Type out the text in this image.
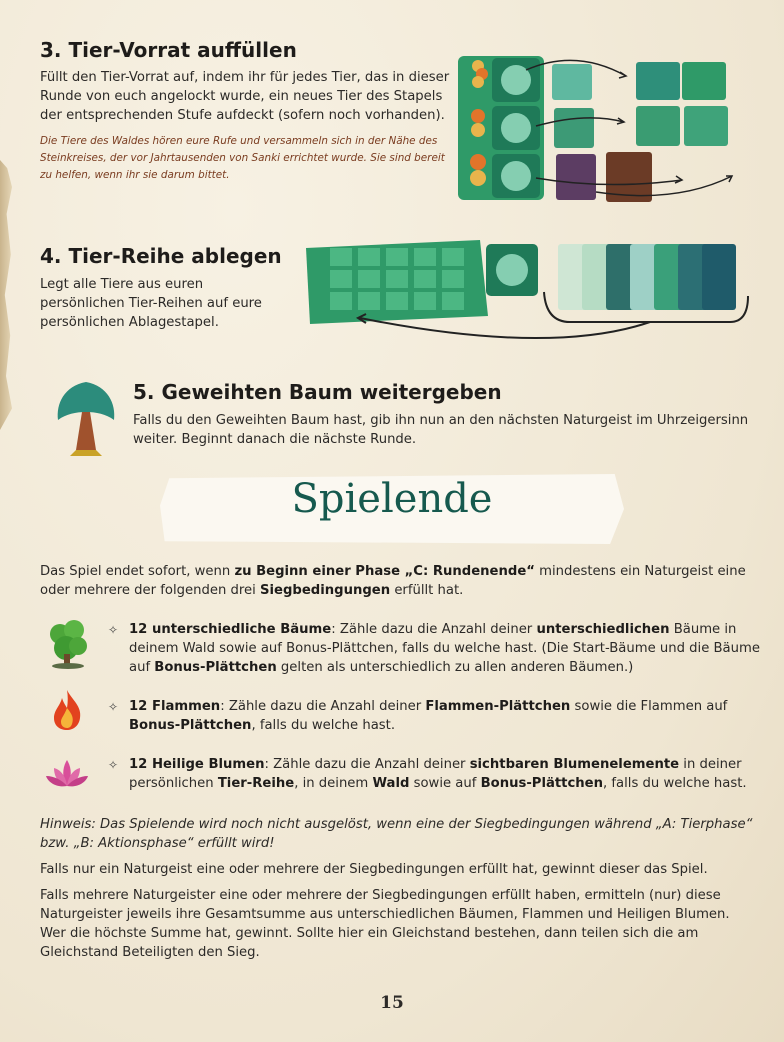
3. Tier-Vorrat auffüllen

Füllt den Tier-Vorrat auf, indem ihr für jedes Tier, das in dieser

Runde von euch angelockt wurde, ein neues Tier des Stapels

der entsprechenden Stufe aufdeckt (sofern noch vorhanden).

Die Tiere des Waldes hören eure Rufe und versammeln sich in der Nähe des

Steinkreises, der vor Jahrtausenden von Sanki errichtet wurde. Sie sind bereit

zu helfen, wenn ihr sie darum bittet.

4. Tier-Reihe ablegen

Legt alle Tiere aus euren

persönlichen Tier-Reihen auf eure

persönlichen Ablagestapel.

5. Geweihten Baum weitergeben

Falls du den Geweihten Baum hast, gib ihn nun an den nächsten Naturgeist im Uhrzeigersinn

weiter. Beginnt danach die nächste Runde.

Spielende

Das Spiel endet sofort, wenn zu Beginn einer Phase „C: Rundenende“ mindestens ein Naturgeist eine

oder mehrere der folgenden drei Siegbedingungen erfüllt hat.

✧ 12 unterschiedliche Bäume: Zähle dazu die Anzahl deiner unterschiedlichen Bäume in

deinem Wald sowie auf Bonus-Plättchen, falls du welche hast. (Die Start-Bäume und die Bäume

auf Bonus-Plättchen gelten als unterschiedlich zu allen anderen Bäumen.)

✧ 12 Flammen: Zähle dazu die Anzahl deiner Flammen-Plättchen sowie die Flammen auf

Bonus-Plättchen, falls du welche hast.

✧ 12 Heilige Blumen: Zähle dazu die Anzahl deiner sichtbaren Blumenelemente in deiner

persönlichen Tier-Reihe, in deinem Wald sowie auf Bonus-Plättchen, falls du welche hast.

Hinweis: Das Spielende wird noch nicht ausgelöst, wenn eine der Siegbedingungen während „A: Tierphase“

bzw. „B: Aktionsphase“ erfüllt wird!

Falls nur ein Naturgeist eine oder mehrere der Siegbedingungen erfüllt hat, gewinnt dieser das Spiel.

Falls mehrere Naturgeister eine oder mehrere der Siegbedingungen erfüllt haben, ermitteln (nur) diese

Naturgeister jeweils ihre Gesamtsumme aus unterschiedlichen Bäumen, Flammen und Heiligen Blumen.

Wer die höchste Summe hat, gewinnt. Sollte hier ein Gleichstand bestehen, dann teilen sich die am

Gleichstand Beteiligten den Sieg.

15
